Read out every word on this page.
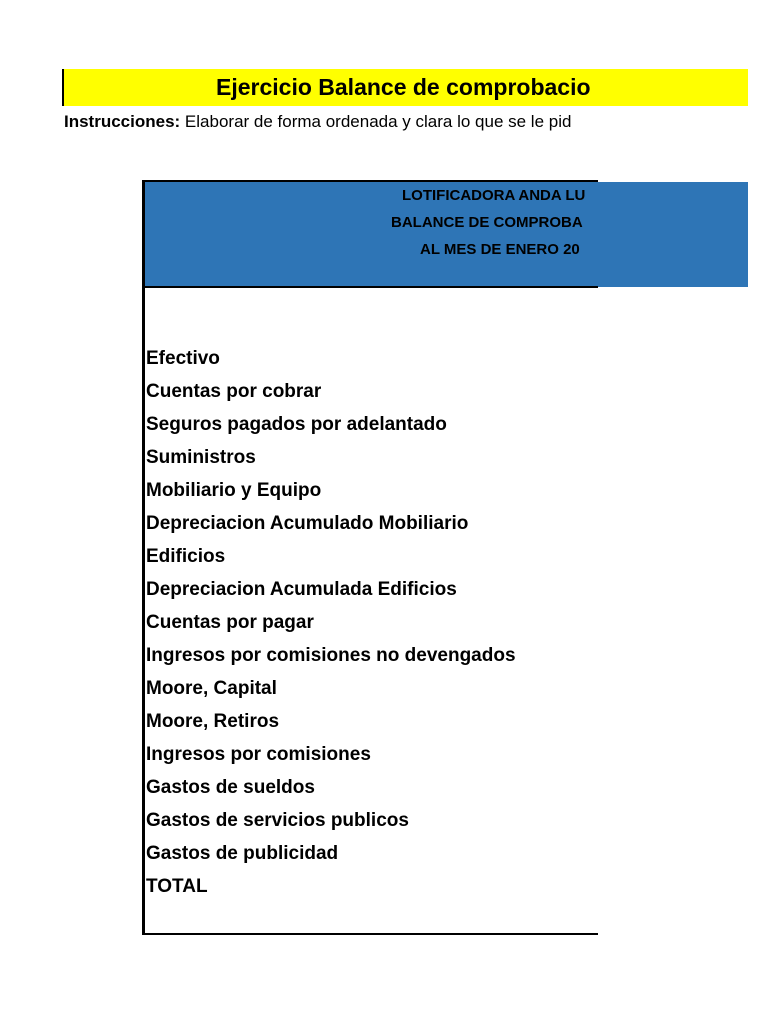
Ejercicio Balance de comprobacio
Instrucciones: Elaborar de forma ordenada y clara lo que se le pid
LOTIFICADORA ANDA LU
BALANCE DE COMPROBA
AL MES DE ENERO 20
Efectivo
Cuentas por cobrar
Seguros pagados por adelantado
Suministros
Mobiliario y Equipo
Depreciacion Acumulado Mobiliario
Edificios
Depreciacion Acumulada Edificios
Cuentas por pagar
Ingresos por comisiones no devengados
Moore, Capital
Moore, Retiros
Ingresos por comisiones
Gastos de sueldos
Gastos de servicios publicos
Gastos de publicidad
TOTAL
